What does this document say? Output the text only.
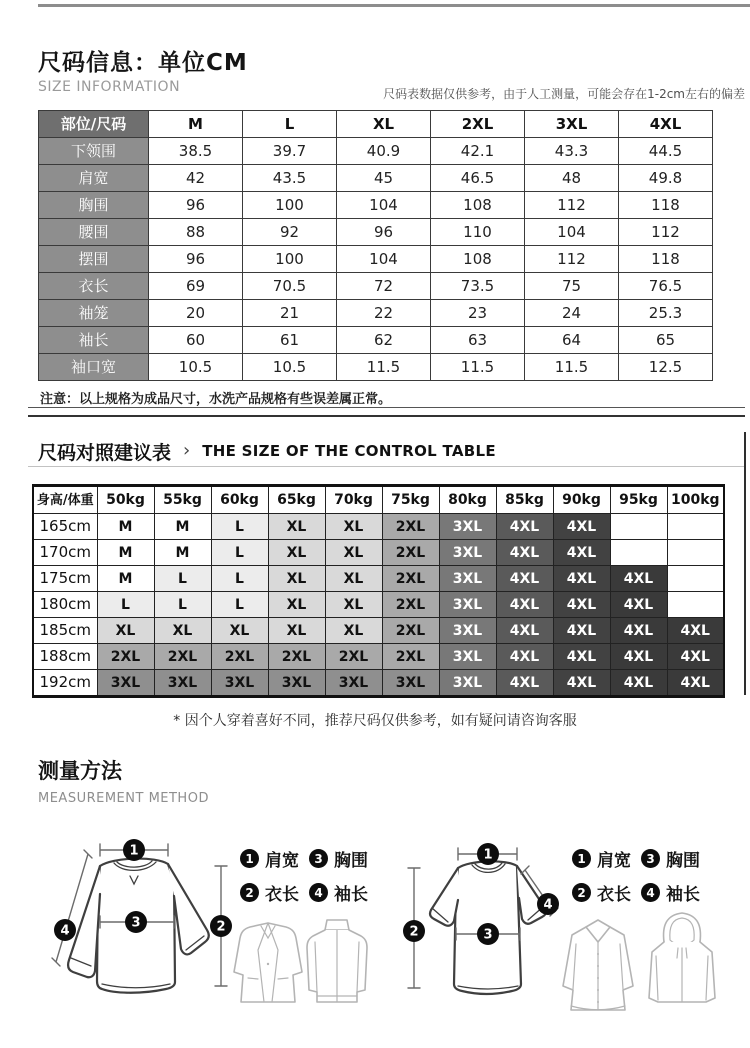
尺码信息：单位CM
SIZE INFORMATION	尺码表数据仅供参考，由于人工测量，可能会存在1-2cm左右的偏差
部位/尺码	M	L	XL	2XL	3XL	4XL
下领围	38.5	39.7	40.9	42.1	43.3	44.5
肩宽	42	43.5	45	46.5	48	49.8
胸围	96	100	104	108	112	118
腰围	88	92	96	110	104	112
摆围	96	100	104	108	112	118
衣长	69	70.5	72	73.5	75	76.5
袖笼	20	21	22	23	24	25.3
袖长	60	61	62	63	64	65
袖口宽	10.5	10.5	11.5	11.5	11.5	12.5
注意：以上规格为成品尺寸，水洗产品规格有些误差属正常。
尺码对照建议表 › THE SIZE OF THE CONTROL TABLE
身高/体重	50kg	55kg	60kg	65kg	70kg	75kg	80kg	85kg	90kg	95kg	100kg
165cm	M	M	L	XL	XL	2XL	3XL	4XL	4XL		
170cm	M	M	L	XL	XL	2XL	3XL	4XL	4XL		
175cm	M	L	L	XL	XL	2XL	3XL	4XL	4XL	4XL	
180cm	L	L	L	XL	XL	2XL	3XL	4XL	4XL	4XL	
185cm	XL	XL	XL	XL	XL	2XL	3XL	4XL	4XL	4XL	4XL
188cm	2XL	2XL	2XL	2XL	2XL	2XL	3XL	4XL	4XL	4XL	4XL
192cm	3XL	3XL	3XL	3XL	3XL	3XL	3XL	4XL	4XL	4XL	4XL
* 因个人穿着喜好不同，推荐尺码仅供参考，如有疑问请咨询客服
测量方法
MEASUREMENT METHOD
1
2
3
4
1 肩宽	3 胸围
2 衣长	4 袖长
1
2	3
4
1 肩宽	3 胸围
2 衣长	4 袖长
